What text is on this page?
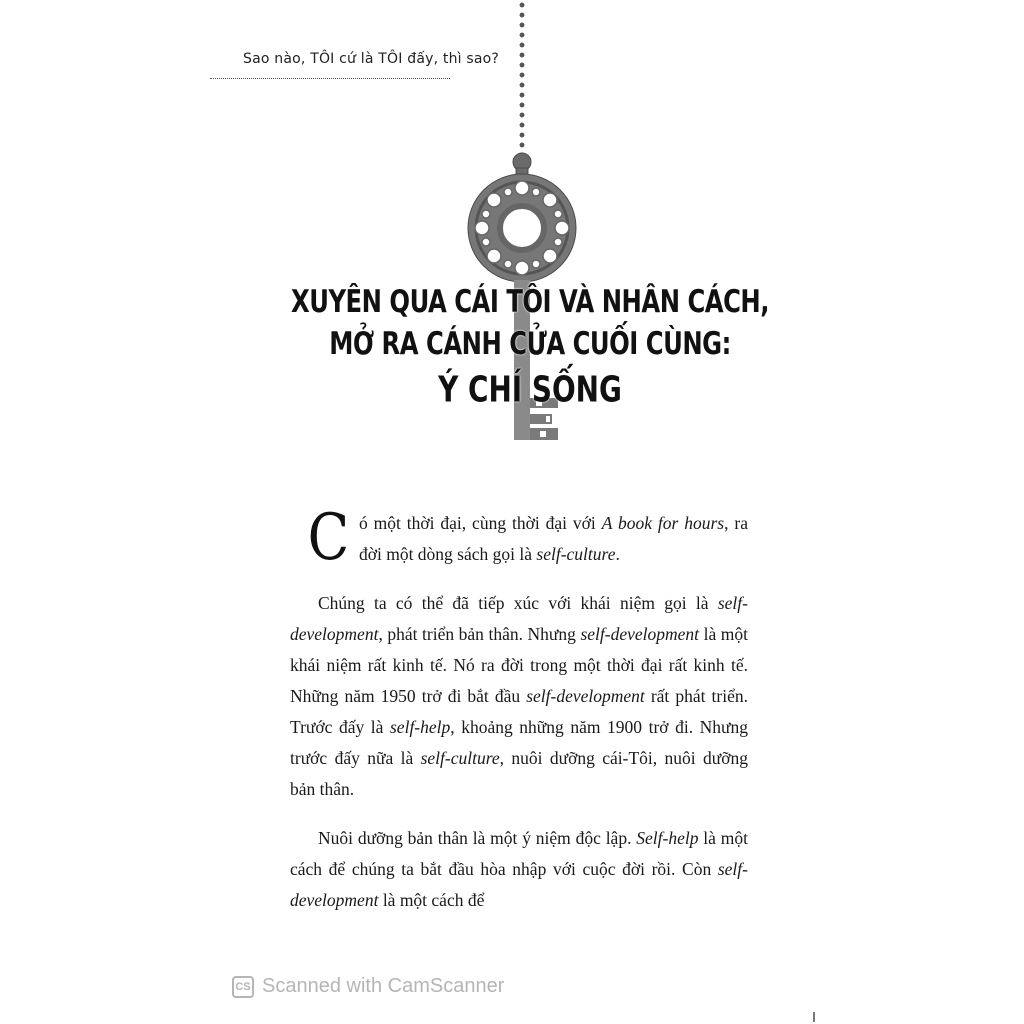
Sao nào, TÔI cứ là TÔI đấy, thì sao?
XUYÊN QUA CÁI TÔI VÀ NHÂN CÁCH,
MỞ RA CÁNH CỬA CUỐI CÙNG:
Ý CHÍ SỐNG

Có một thời đại, cùng thời đại với A book for hours, ra đời một dòng sách gọi là self-culture.

Chúng ta có thể đã tiếp xúc với khái niệm gọi là self-development, phát triển bản thân. Nhưng self-development là một khái niệm rất kinh tế. Nó ra đời trong một thời đại rất kinh tế. Những năm 1950 trở đi bắt đầu self-development rất phát triển. Trước đấy là self-help, khoảng những năm 1900 trở đi. Nhưng trước đấy nữa là self-culture, nuôi dưỡng cái-Tôi, nuôi dưỡng bản thân.

Nuôi dưỡng bản thân là một ý niệm độc lập. Self-help là một cách để chúng ta bắt đầu hòa nhập với cuộc đời rồi. Còn self-development là một cách để

CS Scanned with CamScanner
